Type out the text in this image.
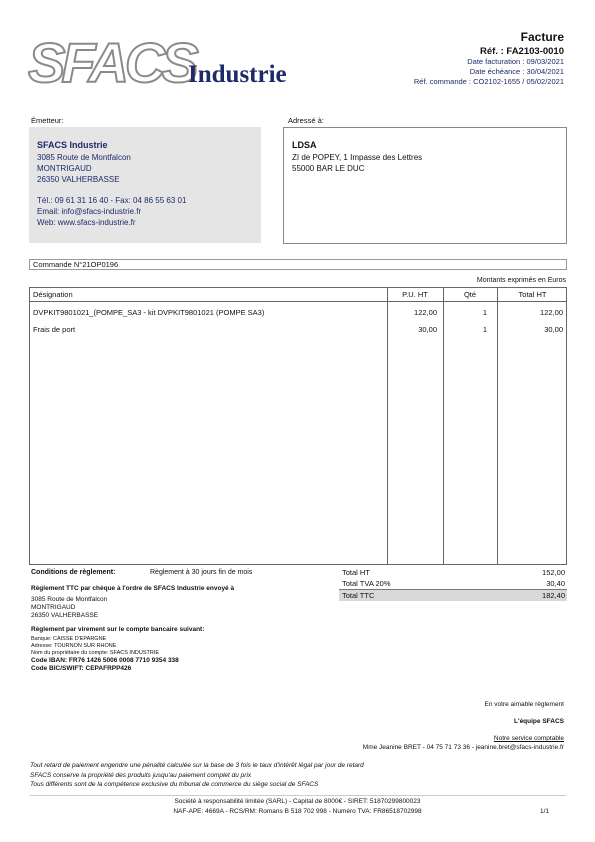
SFACS
Industrie
Facture
Réf. : FA2103-0010
Date facturation : 09/03/2021
Date échéance : 30/04/2021
Réf. commande : CO2102-1655 / 05/02/2021
Émetteur:	Adressé à:
SFACS Industrie
3085 Route de Montfalcon
MONTRIGAUD
26350 VALHERBASSE
Tél.: 09 61 31 16 40 - Fax: 04 86 55 63 01
Email: info@sfacs-industrie.fr
Web: www.sfacs-industrie.fr
LDSA
ZI de POPEY, 1 Impasse des Lettres
55000 BAR LE DUC
Commande N°21OP0196
Montants exprimés en Euros
Désignation	P.U. HT	Qté	Total HT
DVPKIT9801021_(POMPE_SA3 - kit DVPKIT9801021 (POMPE SA3)	122,00	1	122,00
Frais de port	30,00	1	30,00
Conditions de règlement:	Règlement à 30 jours fin de mois
Règlement TTC par chèque à l'ordre de SFACS Industrie envoyé à
3085 Route de Montfalcon
MONTRIGAUD
26350 VALHERBASSE
Règlement par virement sur le compte bancaire suivant:
Banque: CAISSE D'EPARGNE
Adresse: TOURNON SUR RHONE
Nom du propriétaire du compte: SFACS INDUSTRIE
Code IBAN: FR76 1426 5006 0008 7710 9354 338
Code BIC/SWIFT: CEPAFRPP426
Total HT	152,00
Total TVA 20%	30,40
Total TTC	182,40
En votre aimable règlement
L'équipe SFACS
Notre service comptable
Mme Jeanine BRET - 04 75 71 73 36 - jeanine.bret@sfacs-industrie.fr
Tout retard de paiement engendre une pénalité calculée sur la base de 3 fois le taux d'intérêt légal par jour de retard
SFACS conserve la propriété des produits jusqu'au paiement complet du prix
Tous différents sont de la compétence exclusive du tribunal de commerce du siège social de SFACS
Société à responsabilité limitée (SARL) - Capital de 8000€ - SIRET: 51870299800023
NAF-APE: 4669A - RCS/RM: Romans B 518 702 998 - Numéro TVA: FR86518702998	1/1
